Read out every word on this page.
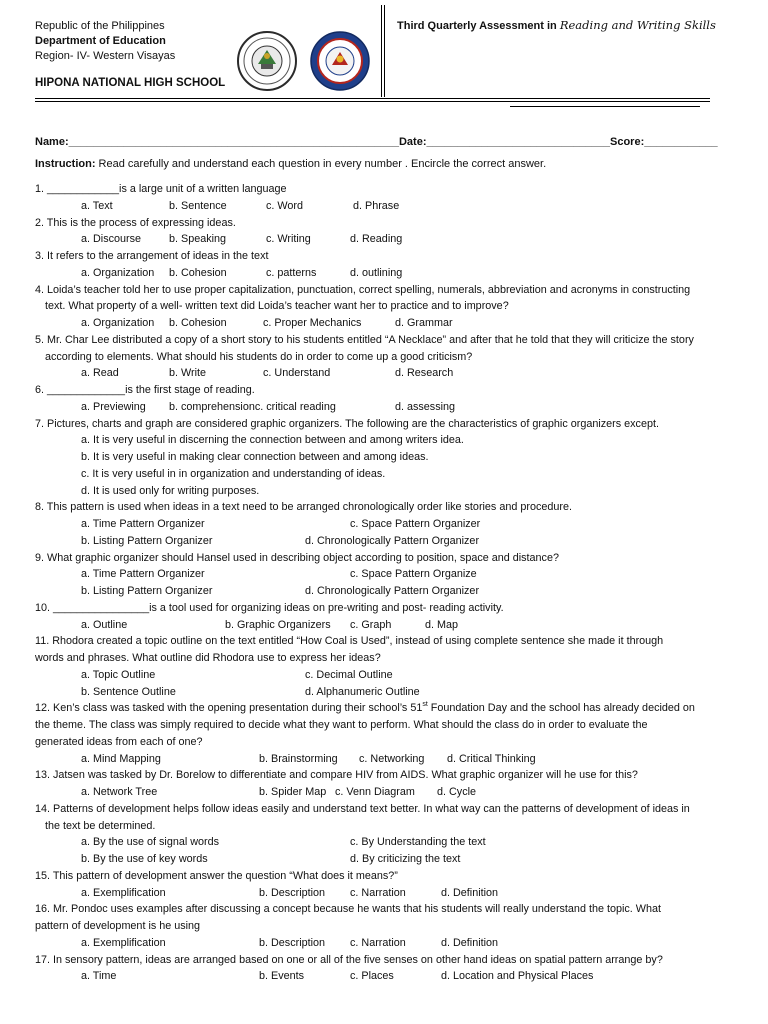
Republic of the Philippines
Department of Education
Region- IV- Western Visayas
HIPONA NATIONAL HIGH SCHOOL
Third Quarterly Assessment in Reading and Writing Skills
Name:______________________________________________________Date:______________________________Score:____________
Instruction: Read carefully and understand each question in every number . Encircle the correct answer.
1. ____________is a large unit of a written language
a. Text	b. Sentence	c. Word	d. Phrase
2. This is the process of expressing ideas.
a. Discourse	b. Speaking	c. Writing	d. Reading
3. It refers to the arrangement of ideas in the text
a. Organization b. Cohesion	c. patterns	d. outlining
4. Loida’s teacher told her to use proper capitalization, punctuation, correct spelling, numerals, abbreviation and acronyms in constructing
text. What property of a well- written text did Loida’s teacher want her to practice and to improve?
a. Organization b. Cohesion	c. Proper Mechanics	d. Grammar
5. Mr. Char Lee distributed a copy of a short story to his students entitled “A Necklace” and after that he told that they will criticize the story
according to elements. What should his students do in order to come up a good criticism?
a. Read	b. Write	c. Understand	d. Research
6. _____________is the first stage of reading.
a. Previewing b. comprehensionc. critical reading	d. assessing
7. Pictures, charts and graph are considered graphic organizers. The following are the characteristics of graphic organizers except.
a. It is very useful in discerning the connection between and among writers idea.
b. It is very useful in making clear connection between and among ideas.
c. It is very useful in in organization and understanding of ideas.
d. It is used only for writing purposes.
8. This pattern is used when ideas in a text need to be arranged chronologically order like stories and procedure.
a. Time Pattern Organizer	c. Space Pattern Organizer
b. Listing Pattern Organizer	d. Chronologically Pattern Organizer
9. What graphic organizer should Hansel used in describing object according to position, space and distance?
a. Time Pattern Organizer	c. Space Pattern Organize
b. Listing Pattern Organizer	d. Chronologically Pattern Organizer
10. ________________is a tool used for organizing ideas on pre-writing and post- reading activity.
a. Outline	b. Graphic Organizers c. Graph	d. Map
11. Rhodora created a topic outline on the text entitled “How Coal is Used”, instead of using complete sentence she made it through
words and phrases. What outline did Rhodora use to express her ideas?
a. Topic Outline	c. Decimal Outline
b. Sentence Outline	d. Alphanumeric Outline
12. Ken’s class was tasked with the opening presentation during their school’s 51st Foundation Day and the school has already decided on
the theme. The class was simply required to decide what they want to perform. What should the class do in order to evaluate the
generated ideas from each of one?
a. Mind Mapping	b. Brainstorming c. Networking d. Critical Thinking
13. Jatsen was tasked by Dr. Borelow to differentiate and compare HIV from AIDS. What graphic organizer will he use for this?
a. Network Tree	b. Spider Map c. Venn Diagram d. Cycle
14. Patterns of development helps follow ideas easily and understand text better. In what way can the patterns of development of ideas in
the text be determined.
a. By the use of signal words	c. By Understanding the text
b. By the use of key words	d. By criticizing the text
15. This pattern of development answer the question “What does it means?”
a. Exemplification	b. Description c. Narration	d. Definition
16. Mr. Pondoc uses examples after discussing a concept because he wants that his students will really understand the topic. What
pattern of development is he using
a. Exemplification	b. Description c. Narration	d. Definition
17. In sensory pattern, ideas are arranged based on one or all of the five senses on other hand ideas on spatial pattern arrange by?
a. Time	b. Events	c. Places	d. Location and Physical Places
